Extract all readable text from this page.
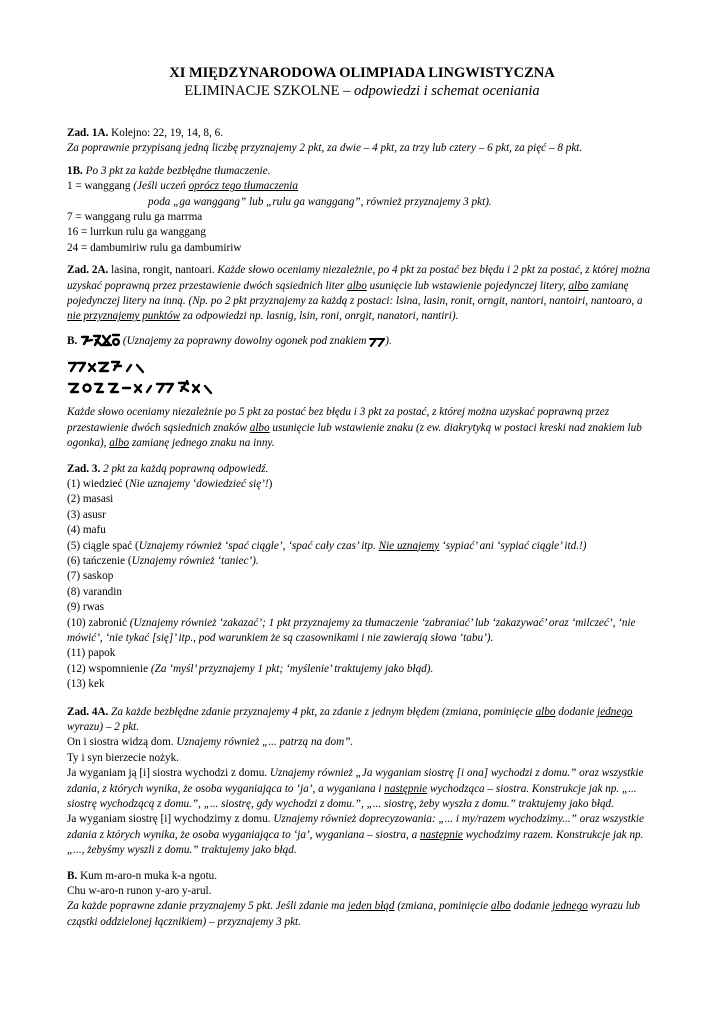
XI MIĘDZYNARODOWA OLIMPIADA LINGWISTYCZNA

ELIMINACJE SZKOLNE – odpowiedzi i schemat oceniania

Zad. 1A. Kolejno: 22, 19, 14, 8, 6.
Za poprawnie przypisaną jedną liczbę przyznajemy 2 pkt, za dwie – 4 pkt, za trzy lub cztery – 6 pkt, za pięć – 8 pkt.
1B. Po 3 pkt za każde bezbłędne tłumaczenie.
1 = wanggang (Jeśli uczeń oprócz tego tłumaczenia
poda „ga wanggang” lub „rulu ga wanggang”, również przyznajemy 3 pkt).
7 = wanggang rulu ga marrma
16 = lurrkun rulu ga wanggang
24 = dambumiriw rulu ga dambumiriw
Zad. 2A. lasina, rongit, nantoari. Każde słowo oceniamy niezależnie, po 4 pkt za postać bez błędu i 2 pkt za postać, z której można uzyskać poprawną przez przestawienie dwóch sąsiednich liter albo usunięcie lub wstawienie pojedynczej litery, albo zamianę pojedynczej litery na inną. (Np. po 2 pkt przyznajemy za każdą z postaci: lsina, lasin, ronit, orngit, nantori, nantoiri, nantoaro, a nie przyznajemy punktów za odpowiedzi np. lasnig, lsin, roni, onrgit, nanatori, nantiri).
B.	(Uznajemy za poprawny dowolny ogonek pod znakiem ).
Każde słowo oceniamy niezależnie po 5 pkt za postać bez błędu i 3 pkt za postać, z której można uzyskać poprawną przez przestawienie dwóch sąsiednich znaków albo usunięcie lub wstawienie znaku (z ew. diakrytyką w postaci kreski nad znakiem lub ogonka), albo zamianę jednego znaku na inny.
Zad. 3. 2 pkt za każdą poprawną odpowiedź.
(1) wiedzieć (Nie uznajemy ‘dowiedzieć się’!)
(2) masasi
(3) asusr
(4) mafu
(5) ciągle spać (Uznajemy również ‘spać ciągle’, ‘spać cały czas’ itp. Nie uznajemy ‘sypiać’ ani ‘sypiać ciągle’ itd.!)
(6) tańczenie (Uznajemy również ‘taniec’).
(7) saskop
(8) varandin
(9) rwas
(10) zabronić (Uznajemy również ‘zakazać’; 1 pkt przyznajemy za tłumaczenie ‘zabraniać’ lub ‘zakazywać’ oraz ‘milczeć’, ‘nie mówić’, ‘nie tykać [się]’ itp., pod warunkiem że są czasownikami i nie zawierają słowa ‘tabu’).
(11) papok
(12) wspomnienie (Za ‘myśl’ przyznajemy 1 pkt; ‘myślenie’ traktujemy jako błąd).
(13) kek
Zad. 4A. Za każde bezbłędne zdanie przyznajemy 4 pkt, za zdanie z jednym błędem (zmiana, pominięcie albo dodanie jednego wyrazu) – 2 pkt.
On i siostra widzą dom. Uznajemy również „... patrzą na dom”.
Ty i syn bierzecie nożyk.
Ja wyganiam ją [i] siostra wychodzi z domu. Uznajemy również „Ja wyganiam siostrę [i ona] wychodzi z domu.” oraz wszystkie zdania, z których wynika, że osoba wyganiająca to ‘ja’, a wyganiana i następnie wychodząca – siostra. Konstrukcje jak np. „... siostrę wychodzącą z domu.”, „... siostrę, gdy wychodzi z domu.”, „... siostrę, żeby wyszła z domu.” traktujemy jako błąd.
Ja wyganiam siostrę [i] wychodzimy z domu. Uznajemy również doprecyzowania: „... i my/razem wychodzimy...” oraz wszystkie zdania z których wynika, że osoba wyganiająca to ‘ja’, wyganiana – siostra, a następnie wychodzimy razem. Konstrukcje jak np. „..., żebyśmy wyszli z domu.” traktujemy jako błąd.
B. Kum m-aro-n muka k-a ngotu.
Chu w-aro-n runon y-aro y-arul.
Za każde poprawne zdanie przyznajemy 5 pkt. Jeśli zdanie ma jeden błąd (zmiana, pominięcie albo dodanie jednego wyrazu lub cząstki oddzielonej łącznikiem) – przyznajemy 3 pkt.
